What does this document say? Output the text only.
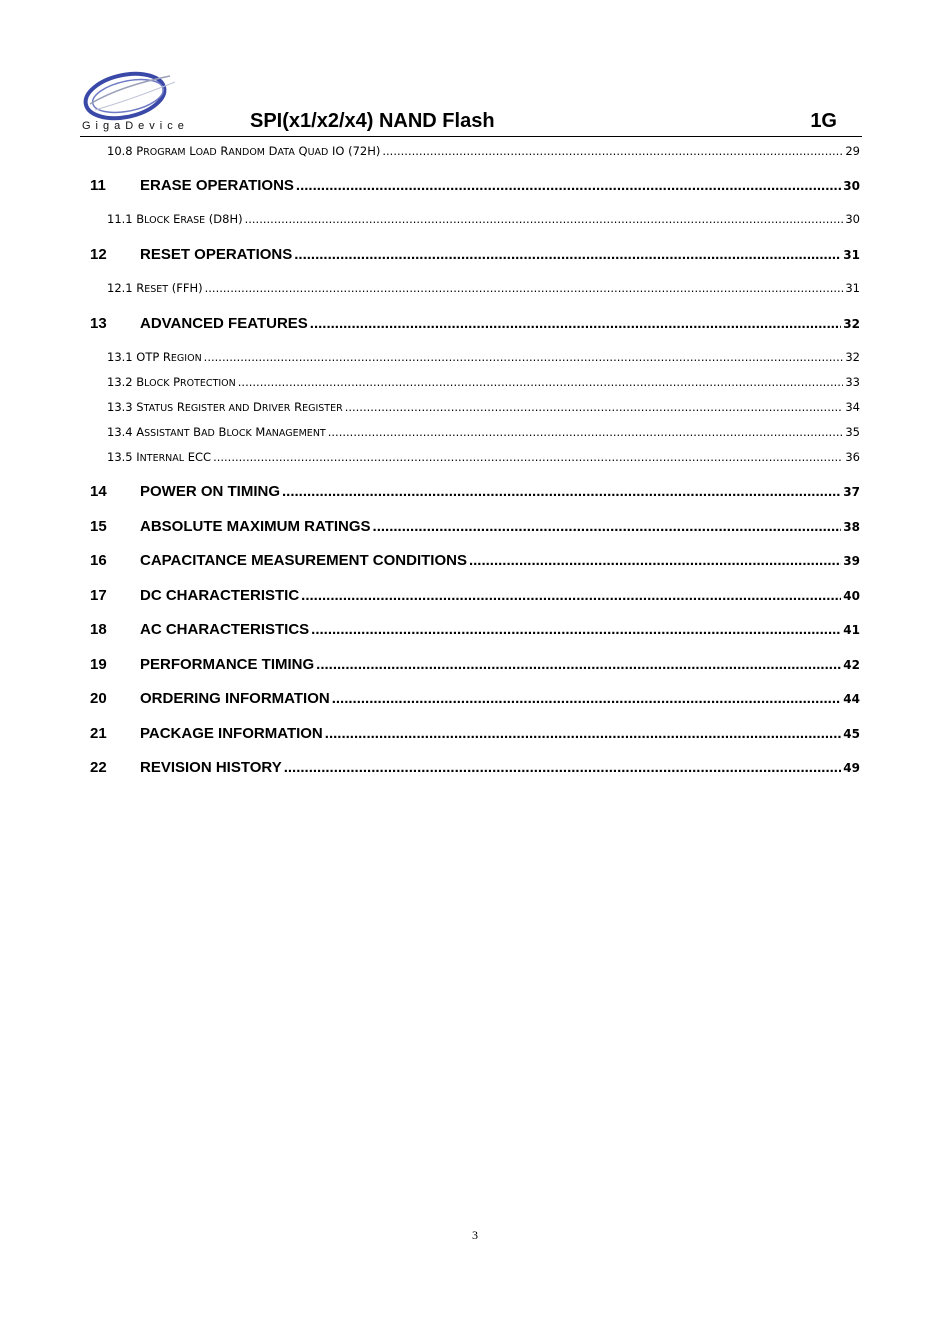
GigaDevice	SPI(x1/x2/x4) NAND Flash	1G
10.8 PROGRAM LOAD RANDOM DATA QUAD IO (72H) .....	29
11	ERASE OPERATIONS .....	30
11.1 BLOCK ERASE (D8H) .....	30
12	RESET OPERATIONS .....	31
12.1 RESET (FFH) .....	31
13	ADVANCED FEATURES .....	32
13.1 OTP REGION .....	32
13.2 BLOCK PROTECTION .....	33
13.3 STATUS REGISTER AND DRIVER REGISTER .....	34
13.4 ASSISTANT BAD BLOCK MANAGEMENT .....	35
13.5 INTERNAL ECC .....	36
14	POWER ON TIMING .....	37
15	ABSOLUTE MAXIMUM RATINGS .....	38
16	CAPACITANCE MEASUREMENT CONDITIONS .....	39
17	DC CHARACTERISTIC .....	40
18	AC CHARACTERISTICS .....	41
19	PERFORMANCE TIMING .....	42
20	ORDERING INFORMATION .....	44
21	PACKAGE INFORMATION .....	45
22	REVISION HISTORY .....	49
3
